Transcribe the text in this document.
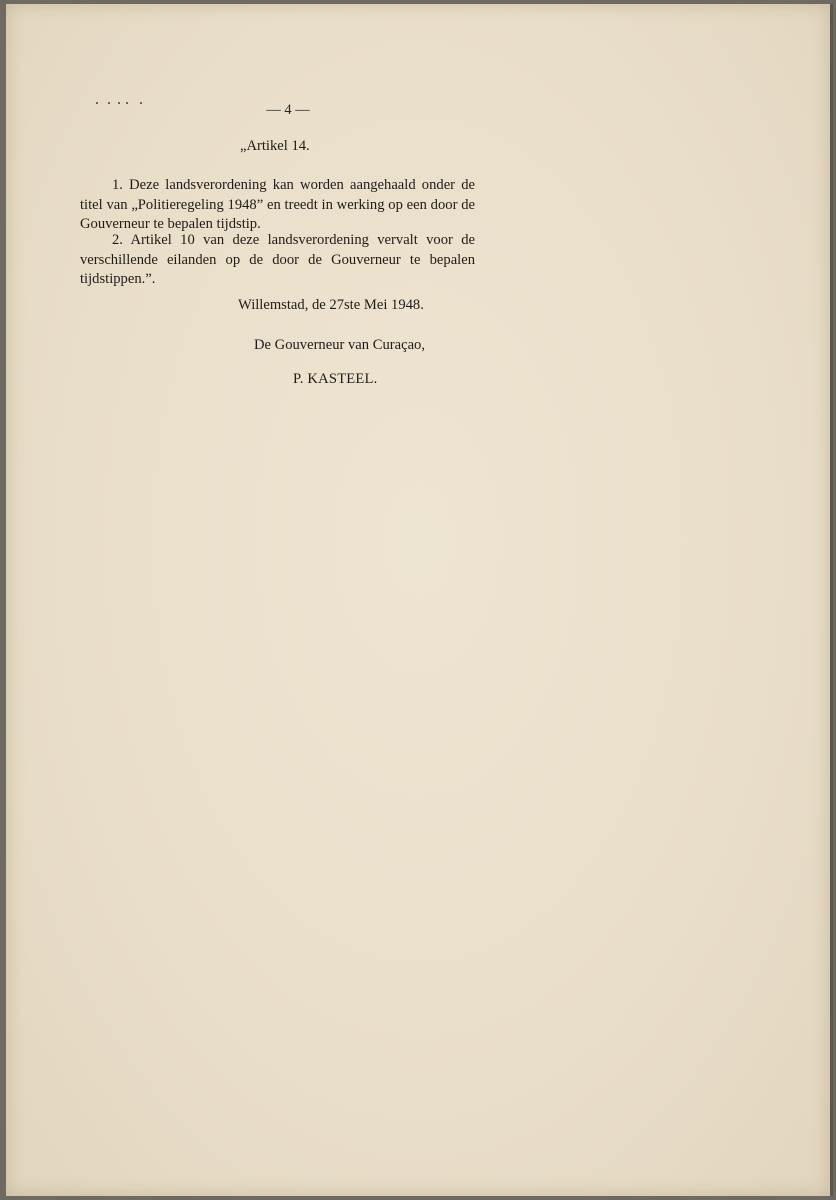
— 4 —
„Artikel 14.
1. Deze landsverordening kan worden aangehaald onder de titel van „Politieregeling 1948” en treedt in werking op een door de Gouverneur te bepalen tijdstip.
2. Artikel 10 van deze landsverordening vervalt voor de verschillende eilanden op de door de Gouverneur te bepalen tijdstippen.”.
Willemstad, de 27ste Mei 1948.
De Gouverneur van Curaçao,
P. KASTEEL.
